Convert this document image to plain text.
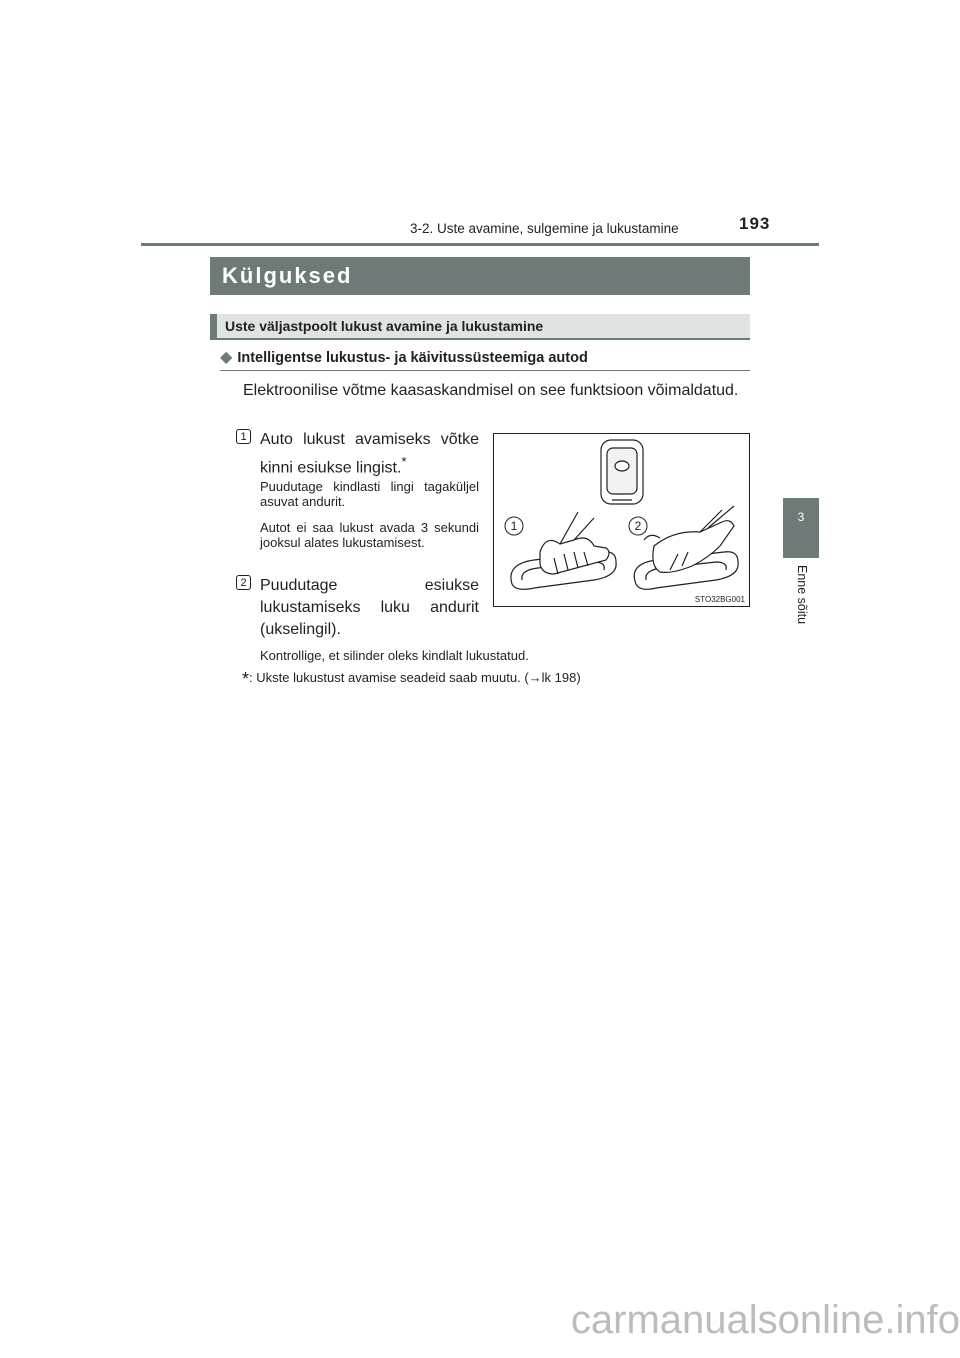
3-2. Uste avamine, sulgemine ja lukustamine	193
3
Enne sõitu
Külguksed
Uste väljastpoolt lukust avamine ja lukustamine
◆ Intelligentse lukustus- ja käivitussüsteemiga autod
Elektroonilise võtme kaasaskandmisel on see funktsioon võimaldatud.
1 Auto lukust avamiseks võtke kinni esiukse lingist.*
Puudutage kindlasti lingi tagaküljel asuvat andurit.
Autot ei saa lukust avada 3 sekundi jooksul alates lukustamisest.
2 Puudutage esiukse lukustamiseks luku andurit (ukselingil).
1	2
STO32BG001
Kontrollige, et silinder oleks kindlalt lukustatud.
*: Ukste lukustust avamise seadeid saab muutu. (→lk 198)
carmanualsonline.info
